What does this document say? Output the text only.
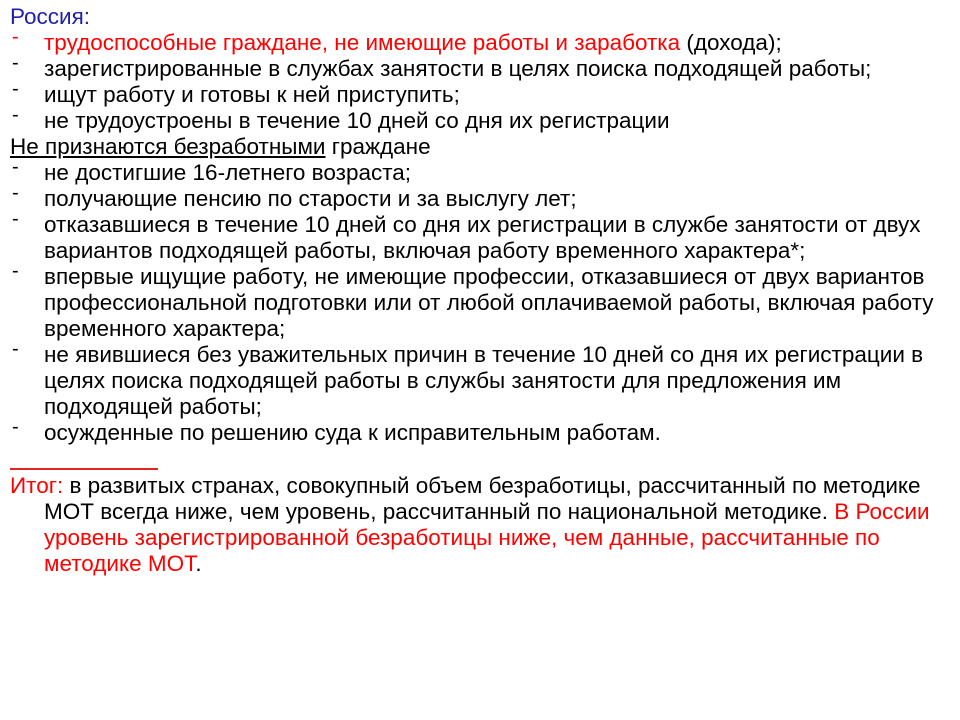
Россия:

- трудоспособные граждане, не имеющие работы и заработка (дохода);
- зарегистрированные в службах занятости в целях поиска подходящей работы;
- ищут работу и готовы к ней приступить;
- не трудоустроены в течение 10 дней со дня их регистрации

Не признаются безработными граждане

- не достигшие 16-летнего возраста;
- получающие пенсию по старости и за выслугу лет;
- отказавшиеся в течение 10 дней со дня их регистрации в службе занятости от двух вариантов подходящей работы, включая работу временного характера*;
- впервые ищущие работу, не имеющие профессии, отказавшиеся от двух вариантов профессиональной подготовки или от любой оплачиваемой работы, включая работу временного характера;
- не явившиеся без уважительных причин в течение 10 дней со дня их регистрации в целях поиска подходящей работы в службы занятости для предложения им подходящей работы;
- осужденные по решению суда к исправительным работам.

Итог: в развитых странах, совокупный объем безработицы, рассчитанный по методике МОТ всегда ниже, чем уровень, рассчитанный по национальной методике. В России уровень зарегистрированной безработицы ниже, чем данные, рассчитанные по методике МОТ.
